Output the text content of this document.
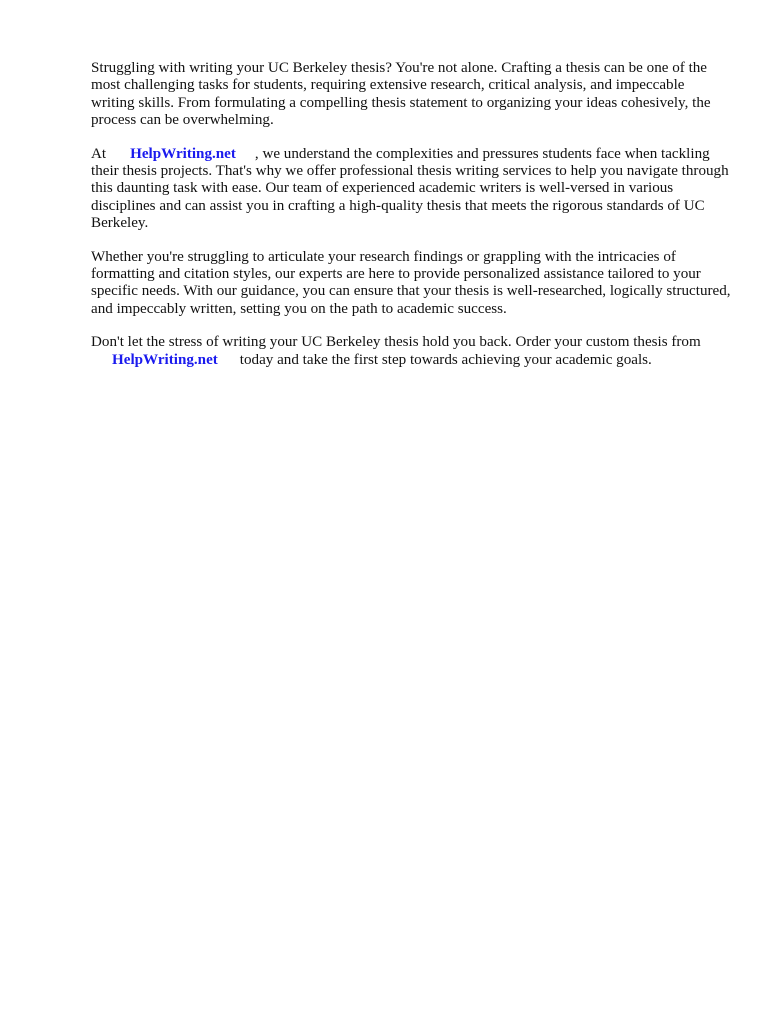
Struggling with writing your UC Berkeley thesis? You're not alone. Crafting a thesis can be one of the most challenging tasks for students, requiring extensive research, critical analysis, and impeccable writing skills. From formulating a compelling thesis statement to organizing your ideas cohesively, the process can be overwhelming.

At HelpWriting.net , we understand the complexities and pressures students face when tackling their thesis projects. That's why we offer professional thesis writing services to help you navigate through this daunting task with ease. Our team of experienced academic writers is well-versed in various disciplines and can assist you in crafting a high-quality thesis that meets the rigorous standards of UC Berkeley.

Whether you're struggling to articulate your research findings or grappling with the intricacies of formatting and citation styles, our experts are here to provide personalized assistance tailored to your specific needs. With our guidance, you can ensure that your thesis is well-researched, logically structured, and impeccably written, setting you on the path to academic success.

Don't let the stress of writing your UC Berkeley thesis hold you back. Order your custom thesis from
HelpWriting.net today and take the first step towards achieving your academic goals.
